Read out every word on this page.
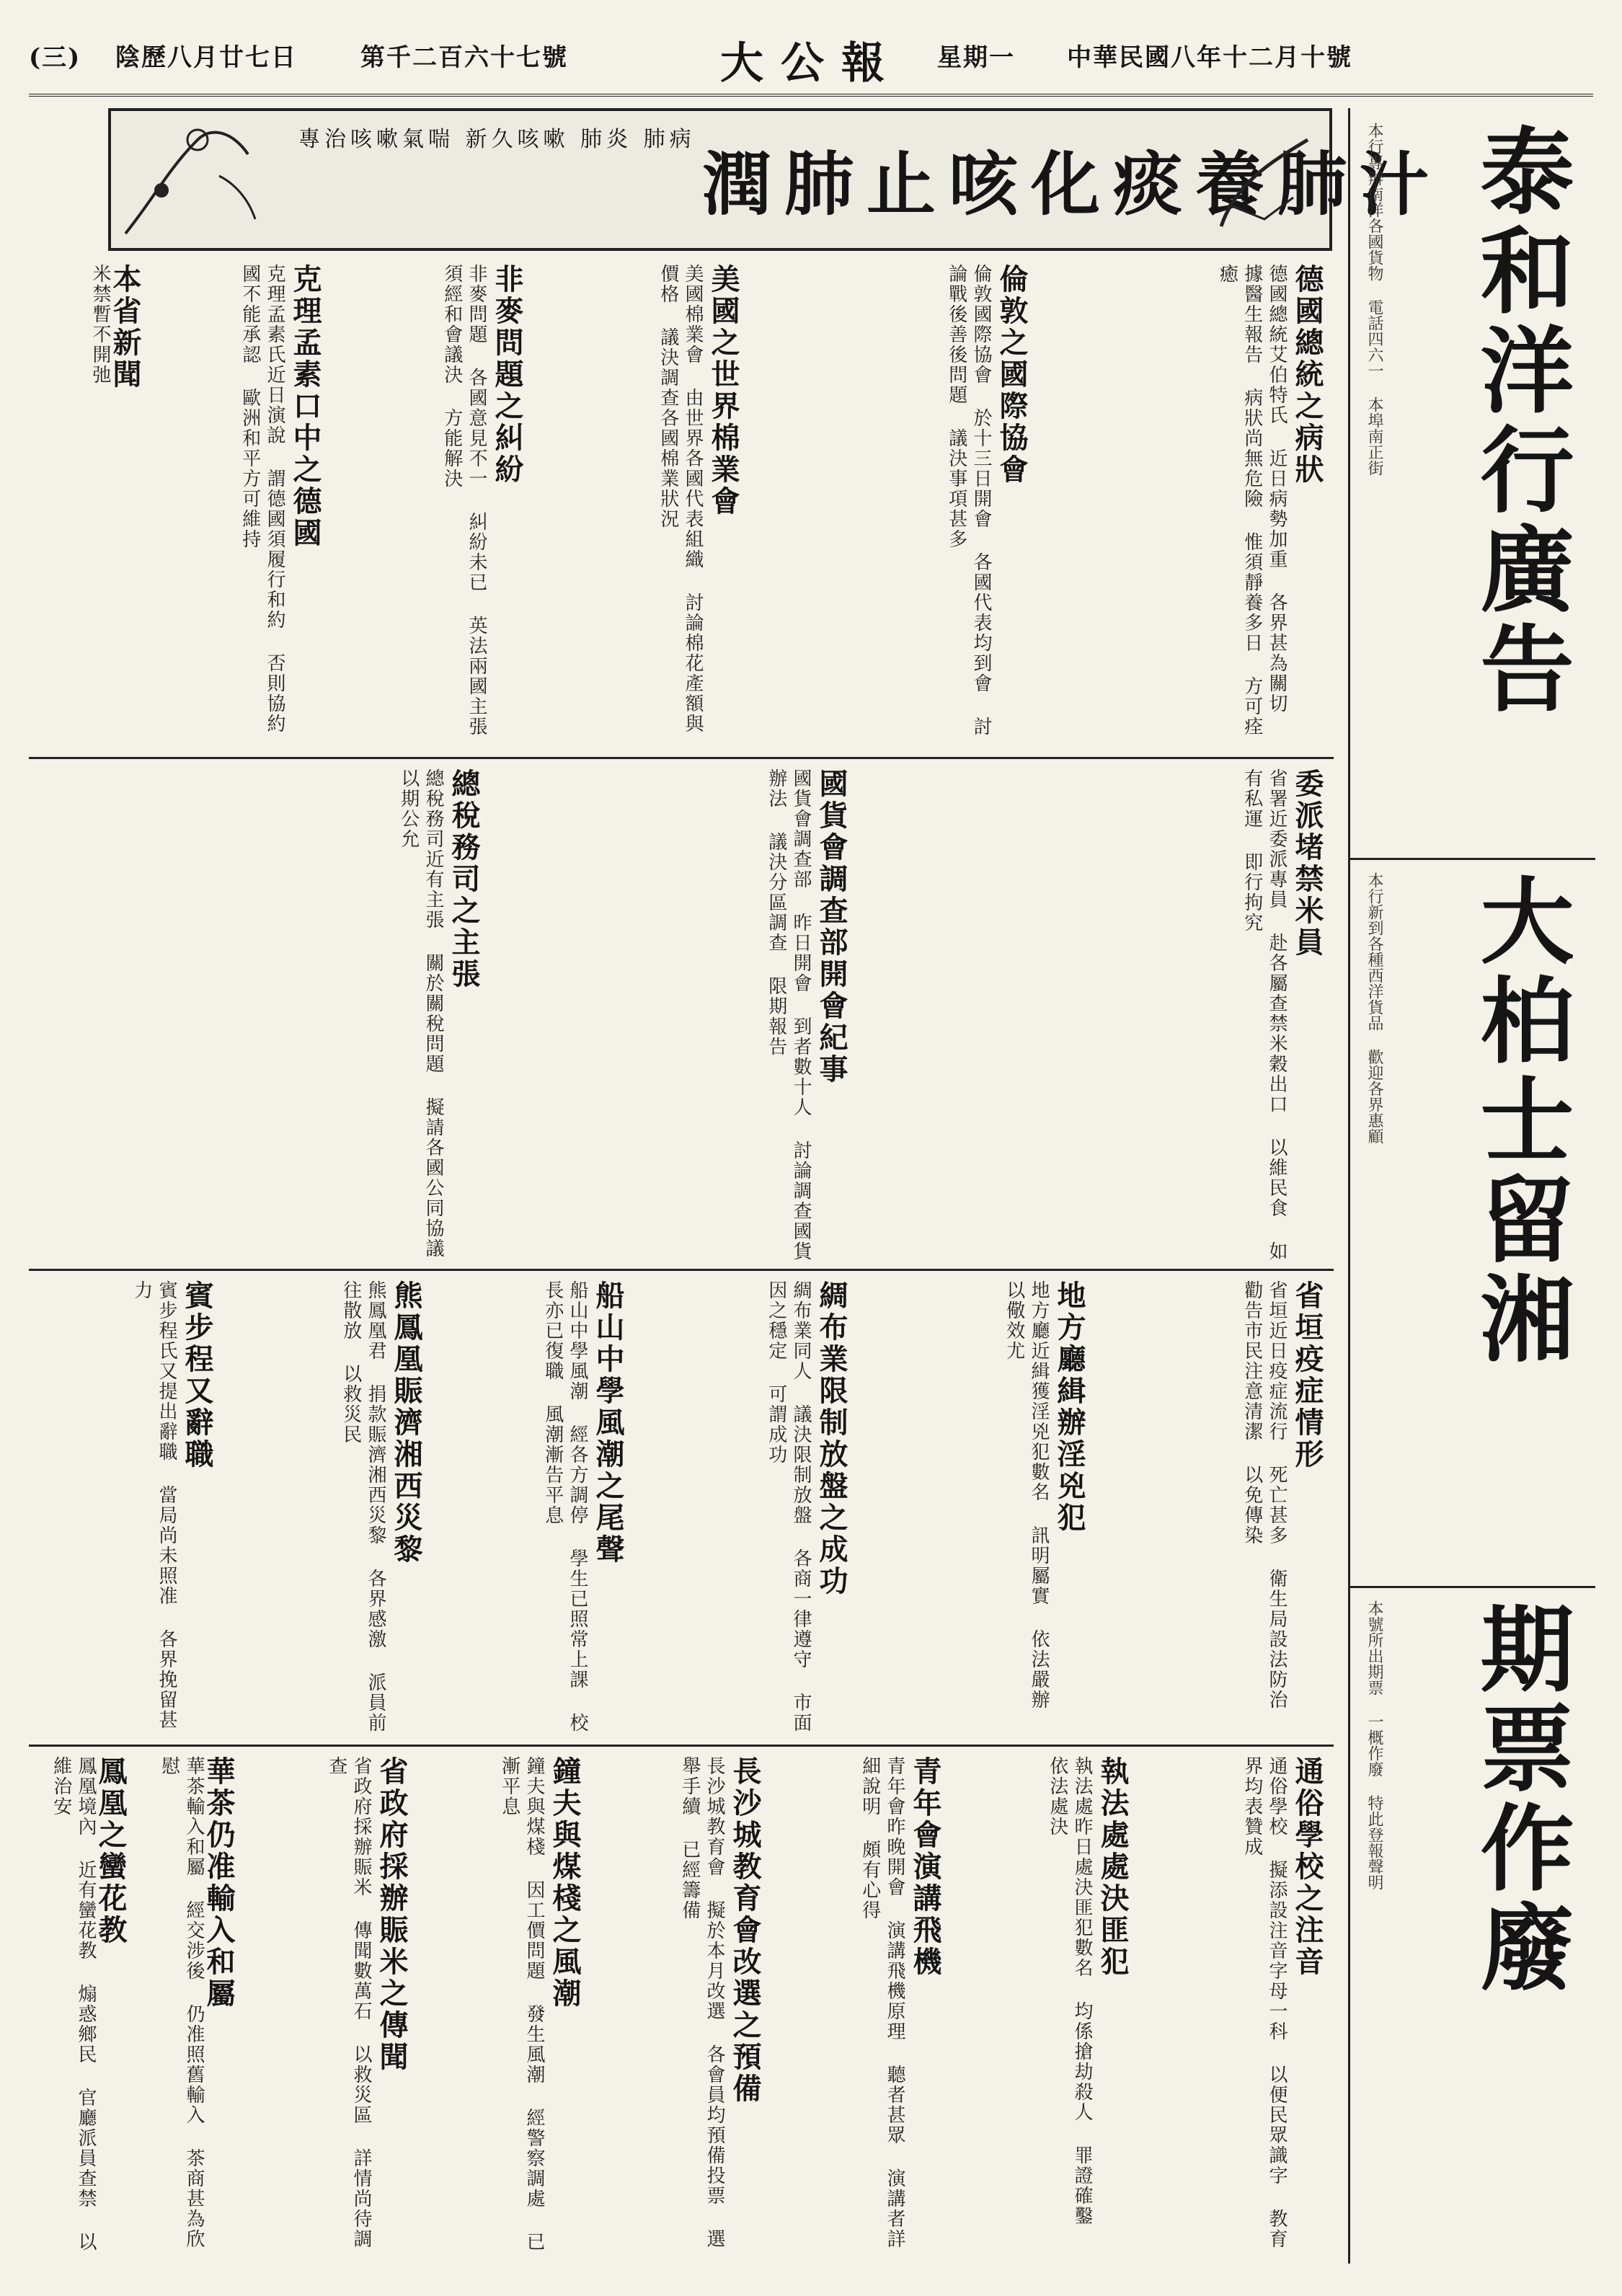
(三) 陰歷八月廿七日	第千二百六十七號	大公報 星期一 中華民國八年十二月十號
潤肺止咳化痰養肺汁
專治咳嗽氣喘 新久咳嗽 肺炎 肺病	泰和洋行廣告
本行專辦南洋各國貨物 電話四六一 本埠南正街
大柏士留湘
本行新到各種西洋貨品 歡迎各界惠顧
期票作廢
本號所出期票 一概作廢 特此登報聲明
德國總統之病狀
德國總統艾伯特氏 近日病勢加重 各界甚為關切 據醫生報告 病狀尚無危險 惟須靜養多日 方可痊癒
倫敦之國際協會
倫敦國際協會 於十三日開會 各國代表均到會 討論戰後善後問題 議決事項甚多
美國之世界棉業會
美國棉業會 由世界各國代表組織 討論棉花產額與價格 議決調查各國棉業狀況
非麥問題之糾紛
非麥問題 各國意見不一 糾紛未已 英法兩國主張 須經和會議決 方能解決
克理孟素口中之德國
克理孟素氏近日演說 謂德國須履行和約 否則協約國不能承認 歐洲和平方可維持
本省新聞
米禁暫不開弛
委派堵禁米員
省署近委派專員 赴各屬查禁米穀出口 以維民食 如有私運 即行拘究
國貨會調查部開會紀事
國貨會調查部 昨日開會 到者數十人 討論調查國貨辦法 議決分區調查 限期報告
總稅務司之主張
總稅務司近有主張 關於關稅問題 擬請各國公同協議 以期公允
省垣疫症情形
省垣近日疫症流行 死亡甚多 衛生局設法防治 勸告市民注意清潔 以免傳染
地方廳緝辦淫兇犯
地方廳近緝獲淫兇犯數名 訊明屬實 依法嚴辦 以儆效尤
綢布業限制放盤之成功
綢布業同人 議決限制放盤 各商一律遵守 市面因之穩定 可謂成功
船山中學風潮之尾聲
船山中學風潮 經各方調停 學生已照常上課 校長亦已復職 風潮漸告平息
熊鳳凰賑濟湘西災黎
熊鳳凰君 捐款賑濟湘西災黎 各界感激 派員前往散放 以救災民
賓步程又辭職
賓步程氏又提出辭職 當局尚未照准 各界挽留甚力
通俗學校之注音
通俗學校 擬添設注音字母一科 以便民眾識字 教育界均表贊成
執法處處決匪犯
執法處昨日處決匪犯數名 均係搶劫殺人 罪證確鑿 依法處決
青年會演講飛機
青年會昨晚開會 演講飛機原理 聽者甚眾 演講者詳細說明 頗有心得
長沙城教育會改選之預備
長沙城教育會 擬於本月改選 各會員均預備投票 選舉手續 已經籌備
鐘夫與煤棧之風潮
鐘夫與煤棧 因工價問題 發生風潮 經警察調處 已漸平息
省政府採辦賑米之傳聞
省政府採辦賑米 傳聞數萬石 以救災區 詳情尚待調查
華茶仍准輸入和屬
華茶輸入和屬 經交涉後 仍准照舊輸入 茶商甚為欣慰
鳳凰之蠻花教
鳳凰境內 近有蠻花教 煽惑鄉民 官廳派員查禁 以維治安
